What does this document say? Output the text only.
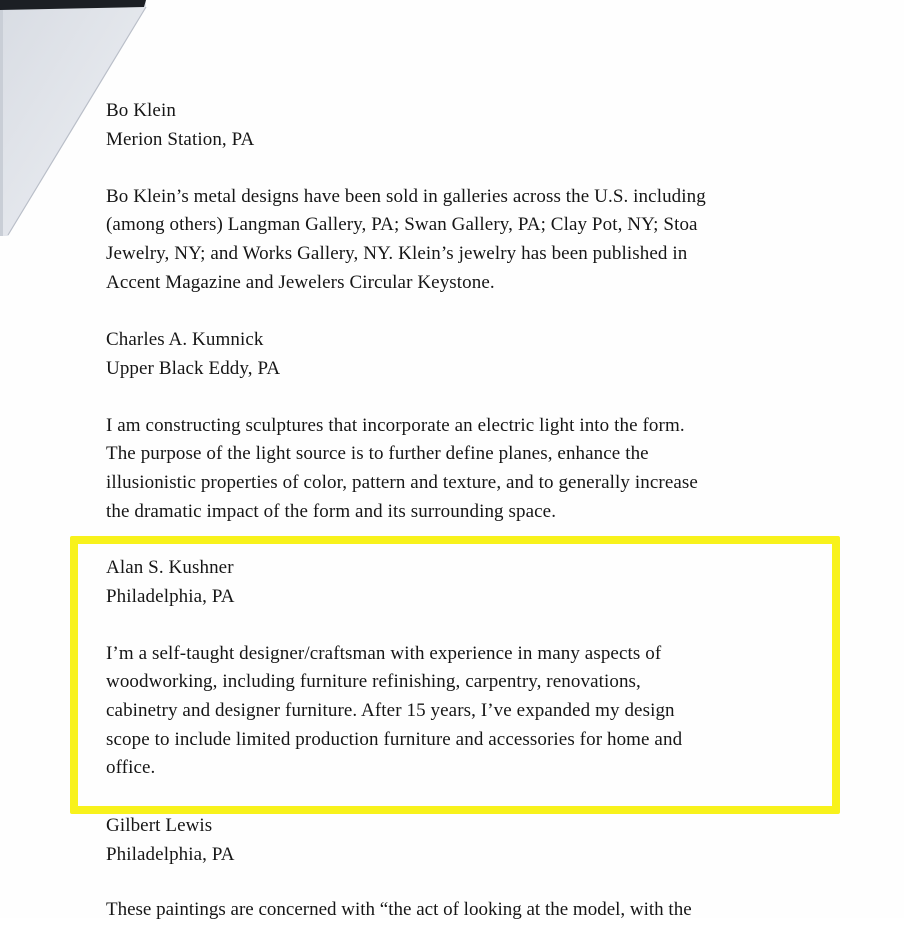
Bo Klein
Merion Station, PA
Bo Klein’s metal designs have been sold in galleries across the U.S. including
(among others) Langman Gallery, PA; Swan Gallery, PA; Clay Pot, NY; Stoa
Jewelry, NY; and Works Gallery, NY. Klein’s jewelry has been published in
Accent Magazine and Jewelers Circular Keystone.
Charles A. Kumnick
Upper Black Eddy, PA
I am constructing sculptures that incorporate an electric light into the form.
The purpose of the light source is to further define planes, enhance the
illusionistic properties of color, pattern and texture, and to generally increase
the dramatic impact of the form and its surrounding space.
Alan S. Kushner
Philadelphia, PA
I’m a self-taught designer/craftsman with experience in many aspects of
woodworking, including furniture refinishing, carpentry, renovations,
cabinetry and designer furniture. After 15 years, I’ve expanded my design
scope to include limited production furniture and accessories for home and
office.
Gilbert Lewis
Philadelphia, PA
These paintings are concerned with “the act of looking at the model, with the
